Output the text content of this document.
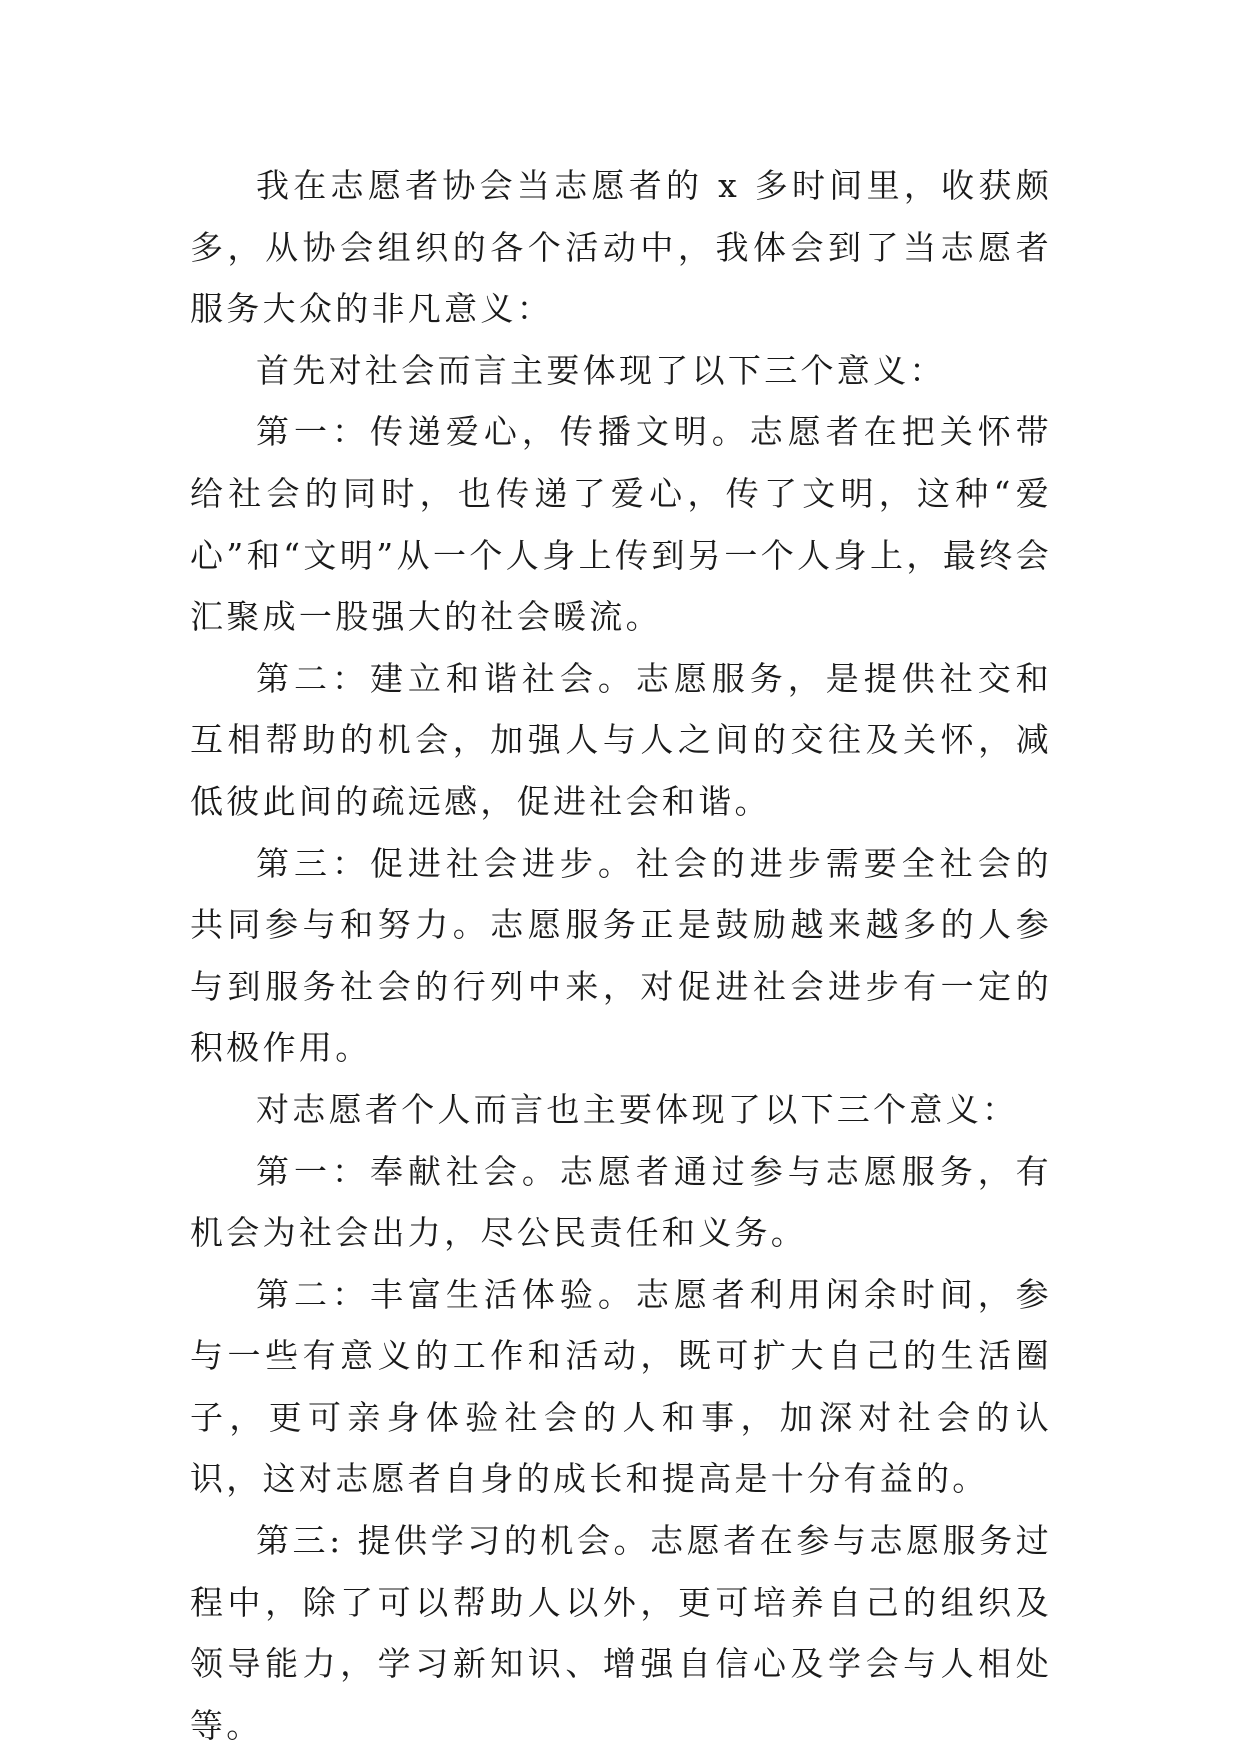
我在志愿者协会当志愿者的 x 多时间里，收获颇多，从协会组织的各个活动中，我体会到了当志愿者服务大众的非凡意义：

首先对社会而言主要体现了以下三个意义：

第一：传递爱心，传播文明。志愿者在把关怀带给社会的同时，也传递了爱心，传了文明，这种“爱心”和“文明”从一个人身上传到另一个人身上，最终会汇聚成一股强大的社会暖流。

第二：建立和谐社会。志愿服务，是提供社交和互相帮助的机会，加强人与人之间的交往及关怀，减低彼此间的疏远感，促进社会和谐。

第三：促进社会进步。社会的进步需要全社会的共同参与和努力。志愿服务正是鼓励越来越多的人参与到服务社会的行列中来，对促进社会进步有一定的积极作用。

对志愿者个人而言也主要体现了以下三个意义：

第一：奉献社会。志愿者通过参与志愿服务，有机会为社会出力，尽公民责任和义务。

第二：丰富生活体验。志愿者利用闲余时间，参与一些有意义的工作和活动，既可扩大自己的生活圈子，更可亲身体验社会的人和事，加深对社会的认识，这对志愿者自身的成长和提高是十分有益的。

第三: 提供学习的机会。志愿者在参与志愿服务过程中，除了可以帮助人以外，更可培养自己的组织及领导能力，学习新知识、增强自信心及学会与人相处等。
